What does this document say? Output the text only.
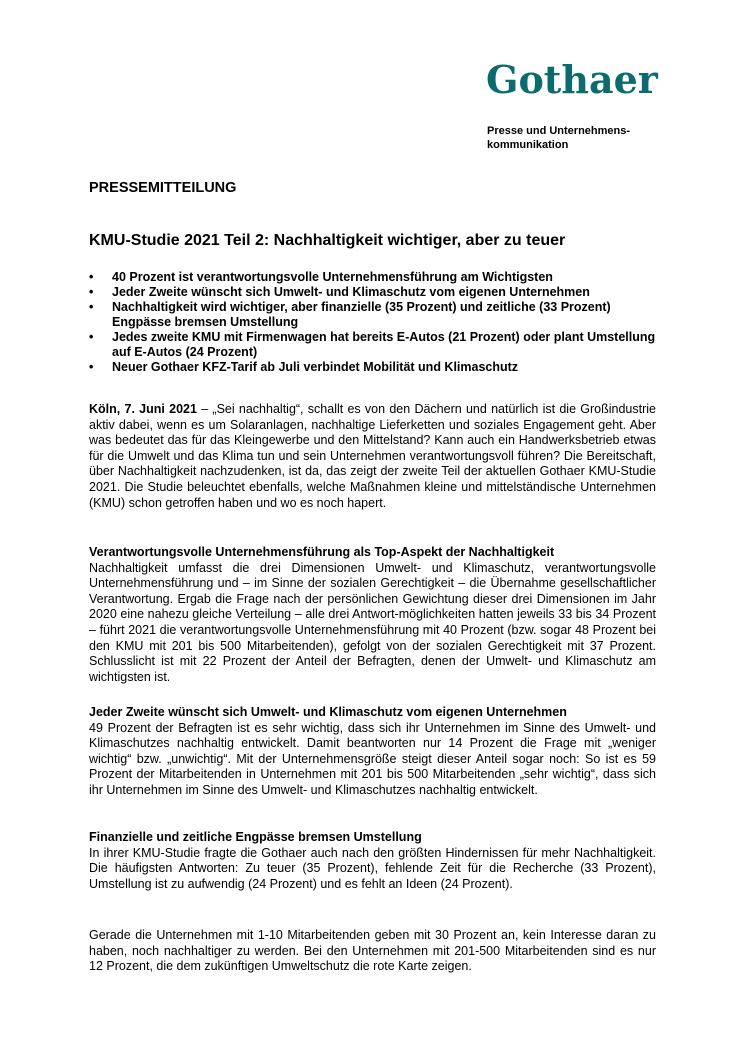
Gothaer
Presse und Unternehmens-
kommunikation
PRESSEMITTEILUNG
KMU-Studie 2021 Teil 2: Nachhaltigkeit wichtiger, aber zu teuer
• 40 Prozent ist verantwortungsvolle Unternehmensführung am Wichtigsten
• Jeder Zweite wünscht sich Umwelt- und Klimaschutz vom eigenen Unternehmen
• Nachhaltigkeit wird wichtiger, aber finanzielle (35 Prozent) und zeitliche (33 Prozent) Engpässe bremsen Umstellung
• Jedes zweite KMU mit Firmenwagen hat bereits E-Autos (21 Prozent) oder plant Umstellung auf E-Autos (24 Prozent)
• Neuer Gothaer KFZ-Tarif ab Juli verbindet Mobilität und Klimaschutz

Köln, 7. Juni 2021 – „Sei nachhaltig“, schallt es von den Dächern und natürlich ist die Großindustrie aktiv dabei, wenn es um Solaranlagen, nachhaltige Lieferketten und soziales Engagement geht. Aber was bedeutet das für das Kleingewerbe und den Mittelstand? Kann auch ein Handwerksbetrieb etwas für die Umwelt und das Klima tun und sein Unternehmen verantwortungsvoll führen? Die Bereitschaft, über Nachhaltigkeit nachzudenken, ist da, das zeigt der zweite Teil der aktuellen Gothaer KMU-Studie 2021. Die Studie beleuchtet ebenfalls, welche Maßnahmen kleine und mittelständische Unternehmen (KMU) schon getroffen haben und wo es noch hapert.

Verantwortungsvolle Unternehmensführung als Top-Aspekt der Nachhaltigkeit

Nachhaltigkeit umfasst die drei Dimensionen Umwelt- und Klimaschutz, verantwortungsvolle Unternehmensführung und – im Sinne der sozialen Gerechtigkeit – die Übernahme gesellschaftlicher Verantwortung. Ergab die Frage nach der persönlichen Gewichtung dieser drei Dimensionen im Jahr 2020 eine nahezu gleiche Verteilung – alle drei Antwort-möglichkeiten hatten jeweils 33 bis 34 Prozent – führt 2021 die verantwortungsvolle Unternehmensführung mit 40 Prozent (bzw. sogar 48 Prozent bei den KMU mit 201 bis 500 Mitarbeitenden), gefolgt von der sozialen Gerechtigkeit mit 37 Prozent. Schlusslicht ist mit 22 Prozent der Anteil der Befragten, denen der Umwelt- und Klimaschutz am wichtigsten ist.

Jeder Zweite wünscht sich Umwelt- und Klimaschutz vom eigenen Unternehmen

49 Prozent der Befragten ist es sehr wichtig, dass sich ihr Unternehmen im Sinne des Umwelt- und Klimaschutzes nachhaltig entwickelt. Damit beantworten nur 14 Prozent die Frage mit „weniger wichtig“ bzw. „unwichtig“. Mit der Unternehmensgröße steigt dieser Anteil sogar noch: So ist es 59 Prozent der Mitarbeitenden in Unternehmen mit 201 bis 500 Mitarbeitenden „sehr wichtig“, dass sich ihr Unternehmen im Sinne des Umwelt- und Klimaschutzes nachhaltig entwickelt.

Finanzielle und zeitliche Engpässe bremsen Umstellung

In ihrer KMU-Studie fragte die Gothaer auch nach den größten Hindernissen für mehr Nachhaltigkeit. Die häufigsten Antworten: Zu teuer (35 Prozent), fehlende Zeit für die Recherche (33 Prozent), Umstellung ist zu aufwendig (24 Prozent) und es fehlt an Ideen (24 Prozent).

Gerade die Unternehmen mit 1-10 Mitarbeitenden geben mit 30 Prozent an, kein Interesse daran zu haben, noch nachhaltiger zu werden. Bei den Unternehmen mit 201-500 Mitarbeitenden sind es nur 12 Prozent, die dem zukünftigen Umweltschutz die rote Karte zeigen.
